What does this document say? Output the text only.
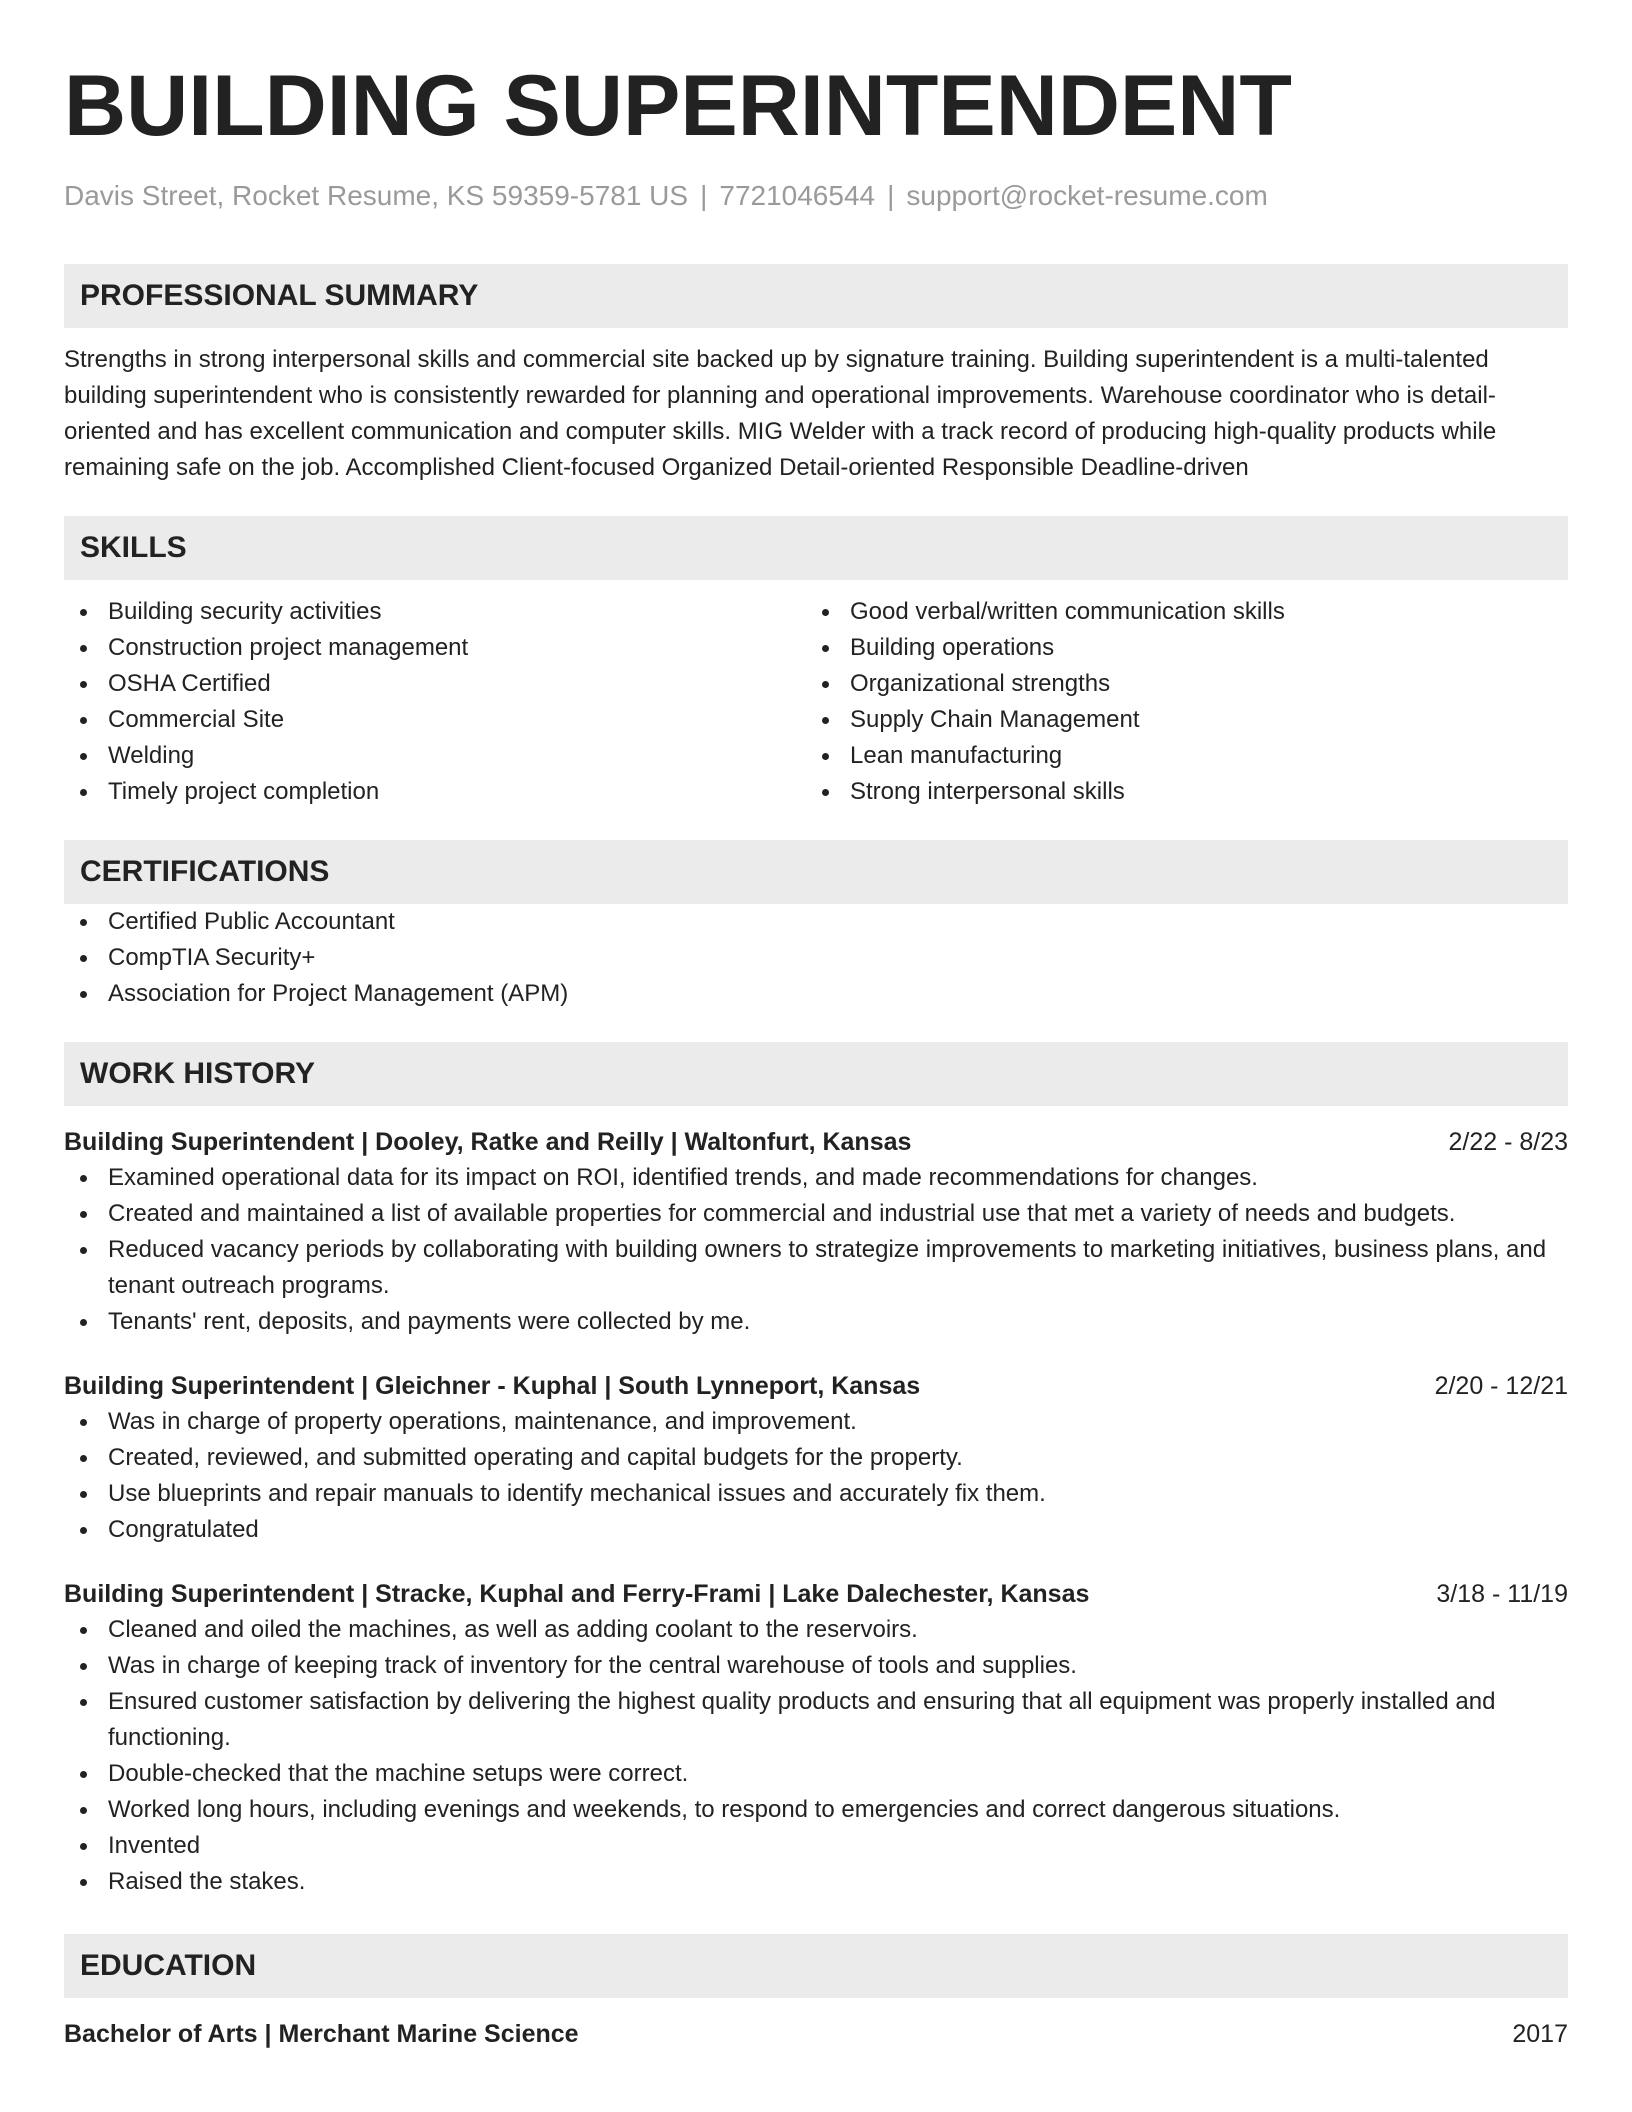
BUILDING SUPERINTENDENT
Davis Street, Rocket Resume, KS 59359-5781 US | 7721046544 | support@rocket-resume.com
PROFESSIONAL SUMMARY
Strengths in strong interpersonal skills and commercial site backed up by signature training. Building superintendent is a multi-talented building superintendent who is consistently rewarded for planning and operational improvements. Warehouse coordinator who is detail-oriented and has excellent communication and computer skills. MIG Welder with a track record of producing high-quality products while remaining safe on the job. Accomplished Client-focused Organized Detail-oriented Responsible Deadline-driven
SKILLS
Building security activities
Construction project management
OSHA Certified
Commercial Site
Welding
Timely project completion
Good verbal/written communication skills
Building operations
Organizational strengths
Supply Chain Management
Lean manufacturing
Strong interpersonal skills
CERTIFICATIONS
Certified Public Accountant
CompTIA Security+
Association for Project Management (APM)
WORK HISTORY
Building Superintendent | Dooley, Ratke and Reilly | Waltonfurt, Kansas	2/22 - 8/23
Examined operational data for its impact on ROI, identified trends, and made recommendations for changes.
Created and maintained a list of available properties for commercial and industrial use that met a variety of needs and budgets.
Reduced vacancy periods by collaborating with building owners to strategize improvements to marketing initiatives, business plans, and tenant outreach programs.
Tenants' rent, deposits, and payments were collected by me.
Building Superintendent | Gleichner - Kuphal | South Lynneport, Kansas	2/20 - 12/21
Was in charge of property operations, maintenance, and improvement.
Created, reviewed, and submitted operating and capital budgets for the property.
Use blueprints and repair manuals to identify mechanical issues and accurately fix them.
Congratulated
Building Superintendent | Stracke, Kuphal and Ferry-Frami | Lake Dalechester, Kansas	3/18 - 11/19
Cleaned and oiled the machines, as well as adding coolant to the reservoirs.
Was in charge of keeping track of inventory for the central warehouse of tools and supplies.
Ensured customer satisfaction by delivering the highest quality products and ensuring that all equipment was properly installed and functioning.
Double-checked that the machine setups were correct.
Worked long hours, including evenings and weekends, to respond to emergencies and correct dangerous situations.
Invented
Raised the stakes.
EDUCATION
Bachelor of Arts | Merchant Marine Science	2017
